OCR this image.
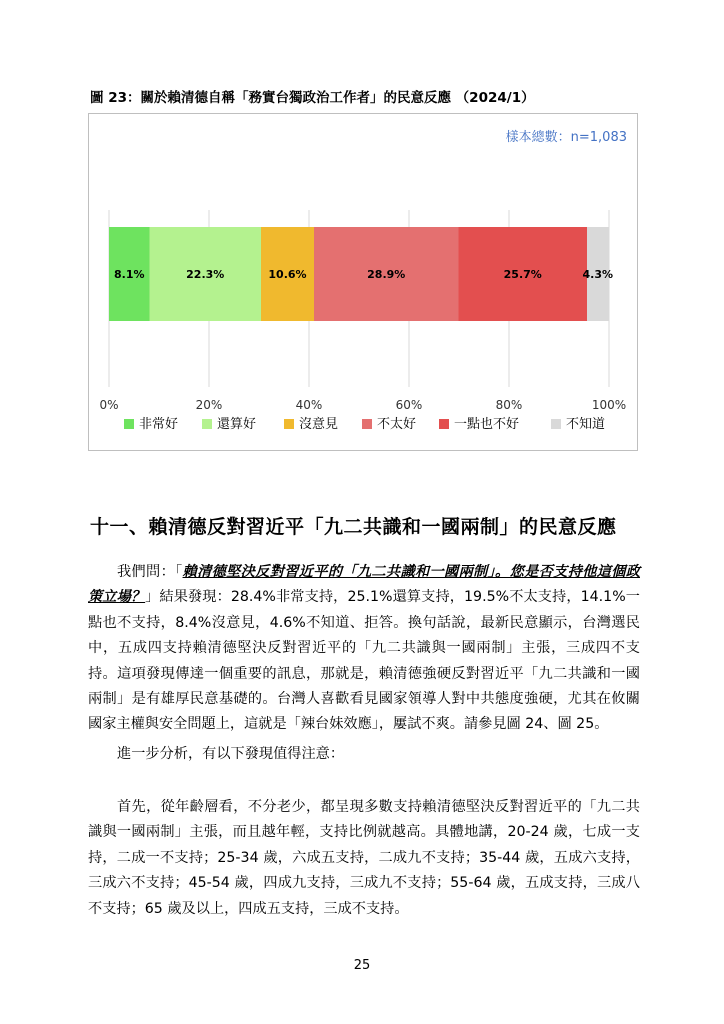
圖 23：關於賴清德自稱「務實台獨政治工作者」的民意反應 （2024/1）
樣本總數：n=1,083
0%	20%	40%	60%	80%	100%
8.1%	22.3%	10.6%	28.9%	25.7%	4.3%
非常好	還算好	沒意見	不太好	一點也不好	不知道
十一、賴清德反對習近平「九二共識和一國兩制」的民意反應
我們問：「賴清德堅決反對習近平的「九二共識和一國兩制」。您是否支持他這個政策立場？」結果發現：28.4%非常支持，25.1%還算支持，19.5%不太支持，14.1%一點也不支持，8.4%沒意見，4.6%不知道、拒答。換句話說，最新民意顯示，台灣選民中，五成四支持賴清德堅決反對習近平的「九二共識與一國兩制」主張，三成四不支持。這項發現傳達一個重要的訊息，那就是，賴清德強硬反對習近平「九二共識和一國兩制」是有雄厚民意基礎的。台灣人喜歡看見國家領導人對中共態度強硬，尤其在攸關國家主權與安全問題上，這就是「辣台妹效應」，屢試不爽。請參見圖 24、圖 25。
進一步分析，有以下發現值得注意：
首先，從年齡層看，不分老少，都呈現多數支持賴清德堅決反對習近平的「九二共識與一國兩制」主張，而且越年輕，支持比例就越高。具體地講，20-24 歲，七成一支持，二成一不支持；25-34 歲，六成五支持，二成九不支持；35-44 歲，五成六支持，三成六不支持；45-54 歲，四成九支持，三成九不支持；55-64 歲，五成支持，三成八不支持；65 歲及以上，四成五支持，三成不支持。
25
